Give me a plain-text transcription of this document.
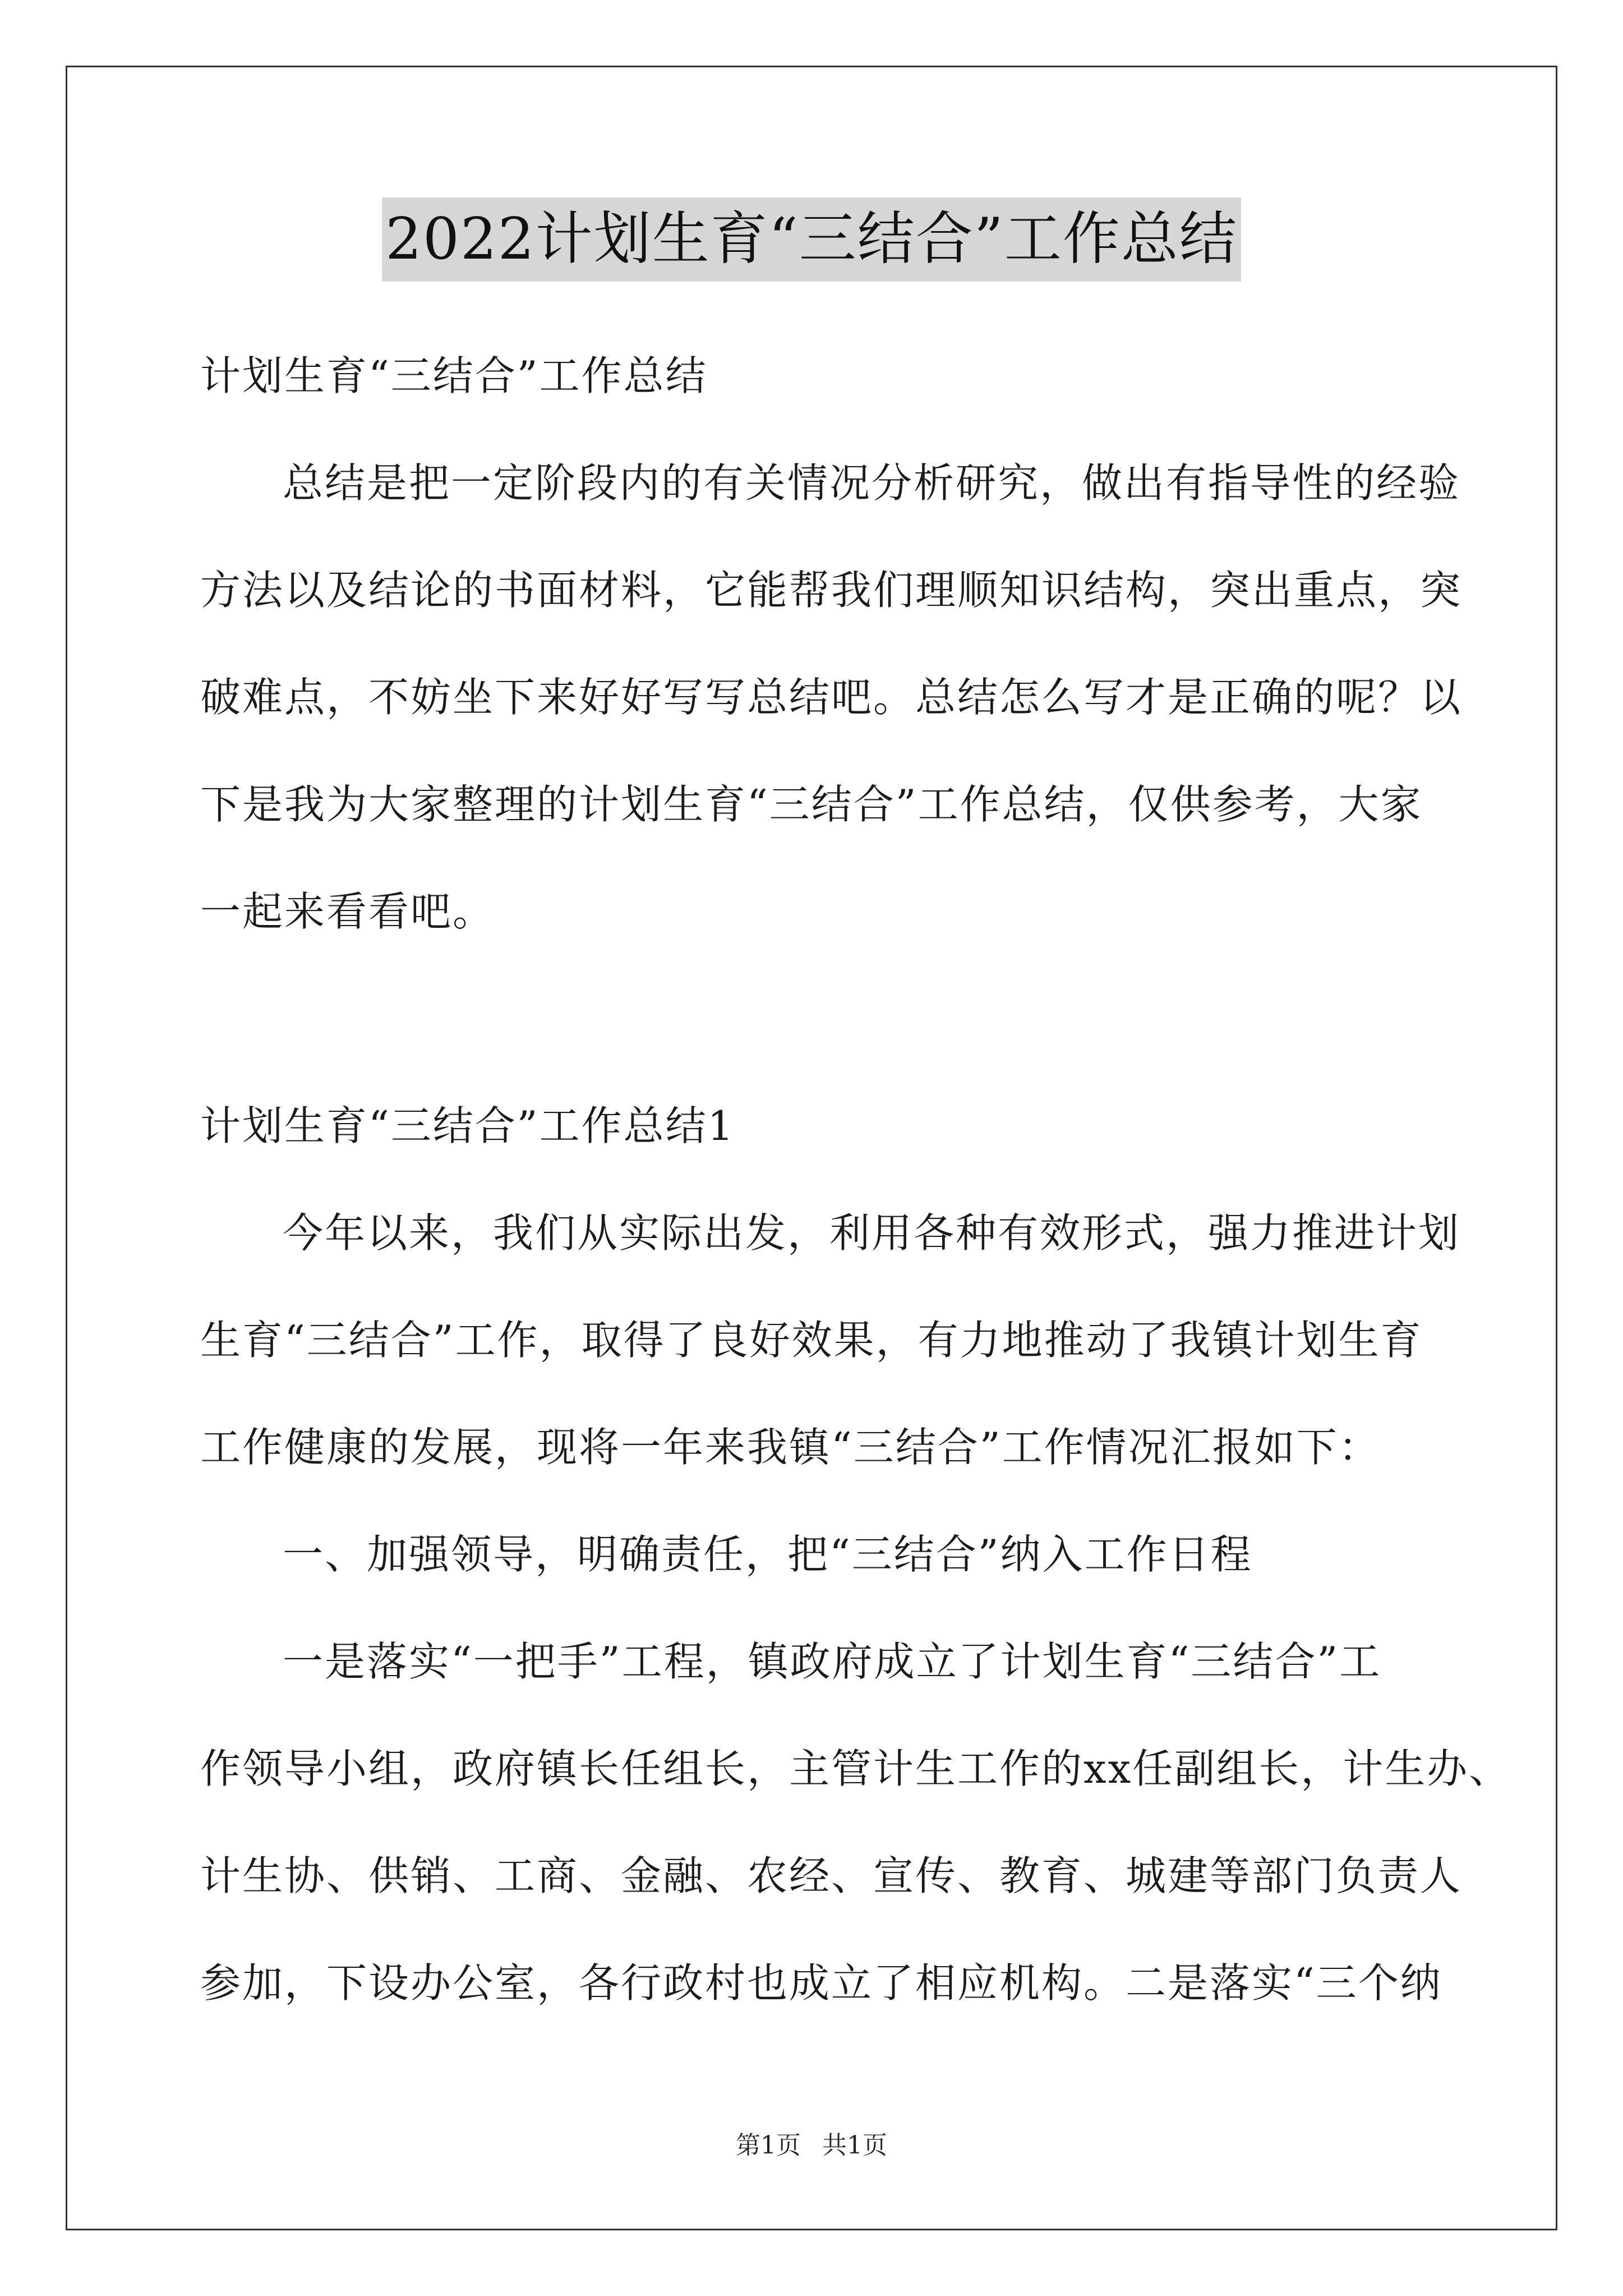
2022计划生育“三结合”工作总结
计划生育“三结合”工作总结
总结是把一定阶段内的有关情况分析研究，做出有指导性的经验
方法以及结论的书面材料，它能帮我们理顺知识结构，突出重点，突
破难点，不妨坐下来好好写写总结吧。总结怎么写才是正确的呢？以
下是我为大家整理的计划生育“三结合”工作总结，仅供参考，大家
一起来看看吧。
计划生育“三结合”工作总结1
今年以来，我们从实际出发，利用各种有效形式，强力推进计划
生育“三结合”工作，取得了良好效果，有力地推动了我镇计划生育
工作健康的发展，现将一年来我镇“三结合”工作情况汇报如下：
一、加强领导，明确责任，把“三结合”纳入工作日程
一是落实“一把手”工程，镇政府成立了计划生育“三结合”工
作领导小组，政府镇长任组长，主管计生工作的xx任副组长，计生办、
计生协、供销、工商、金融、农经、宣传、教育、城建等部门负责人
参加，下设办公室，各行政村也成立了相应机构。二是落实“三个纳
第1页 共1页
